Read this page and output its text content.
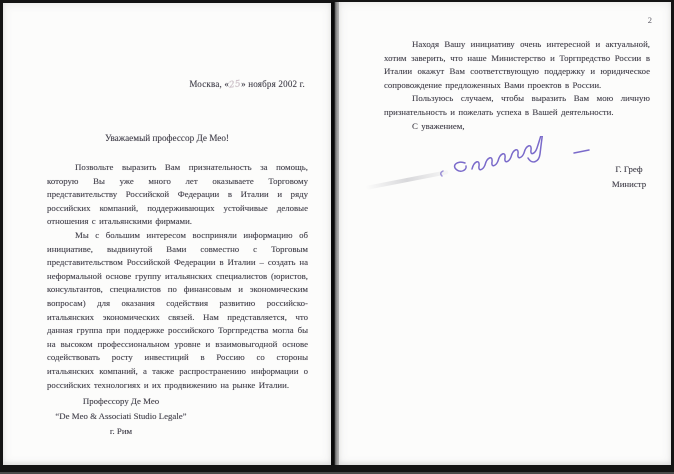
Москва, «25» ноября 2002 г.
Уважаемый профессор Де Мео!

Позвольте выразить Вам признательность за помощь, которую Вы уже много лет оказываете Торговому представительству Российской Федерации в Италии и ряду российских компаний, поддерживающих устойчивые деловые отношения с итальянскими фирмами.

Мы с большим интересом восприняли информацию об инициативе, выдвинутой Вами совместно с Торговым представительством Российской Федерации в Италии – создать на неформальной основе группу итальянских специалистов (юристов, консультантов, специалистов по финансовым и экономическим вопросам) для оказания содействия развитию российско-итальянских экономических связей. Нам представляется, что данная группа при поддержке российского Торгпредства могла бы на высоком профессиональном уровне и взаимовыгодной основе содействовать росту инвестиций в Россию со стороны итальянских компаний, а также распространению информации о российских технологиях и их продвижению на рынке Италии.

Профессору Де Мео
“De Meo & Associati Studio Legale”
г. Рим
2

Находя Вашу инициативу очень интересной и актуальной, хотим заверить, что наше Министерство и Торгпредство России в Италии окажут Вам соответствующую поддержку и юридическое сопровождение предложенных Вами проектов в России.

Пользуюсь случаем, чтобы выразить Вам мою личную признательность и пожелать успеха в Вашей деятельности.

С уважением,

Г. Греф
Министр
